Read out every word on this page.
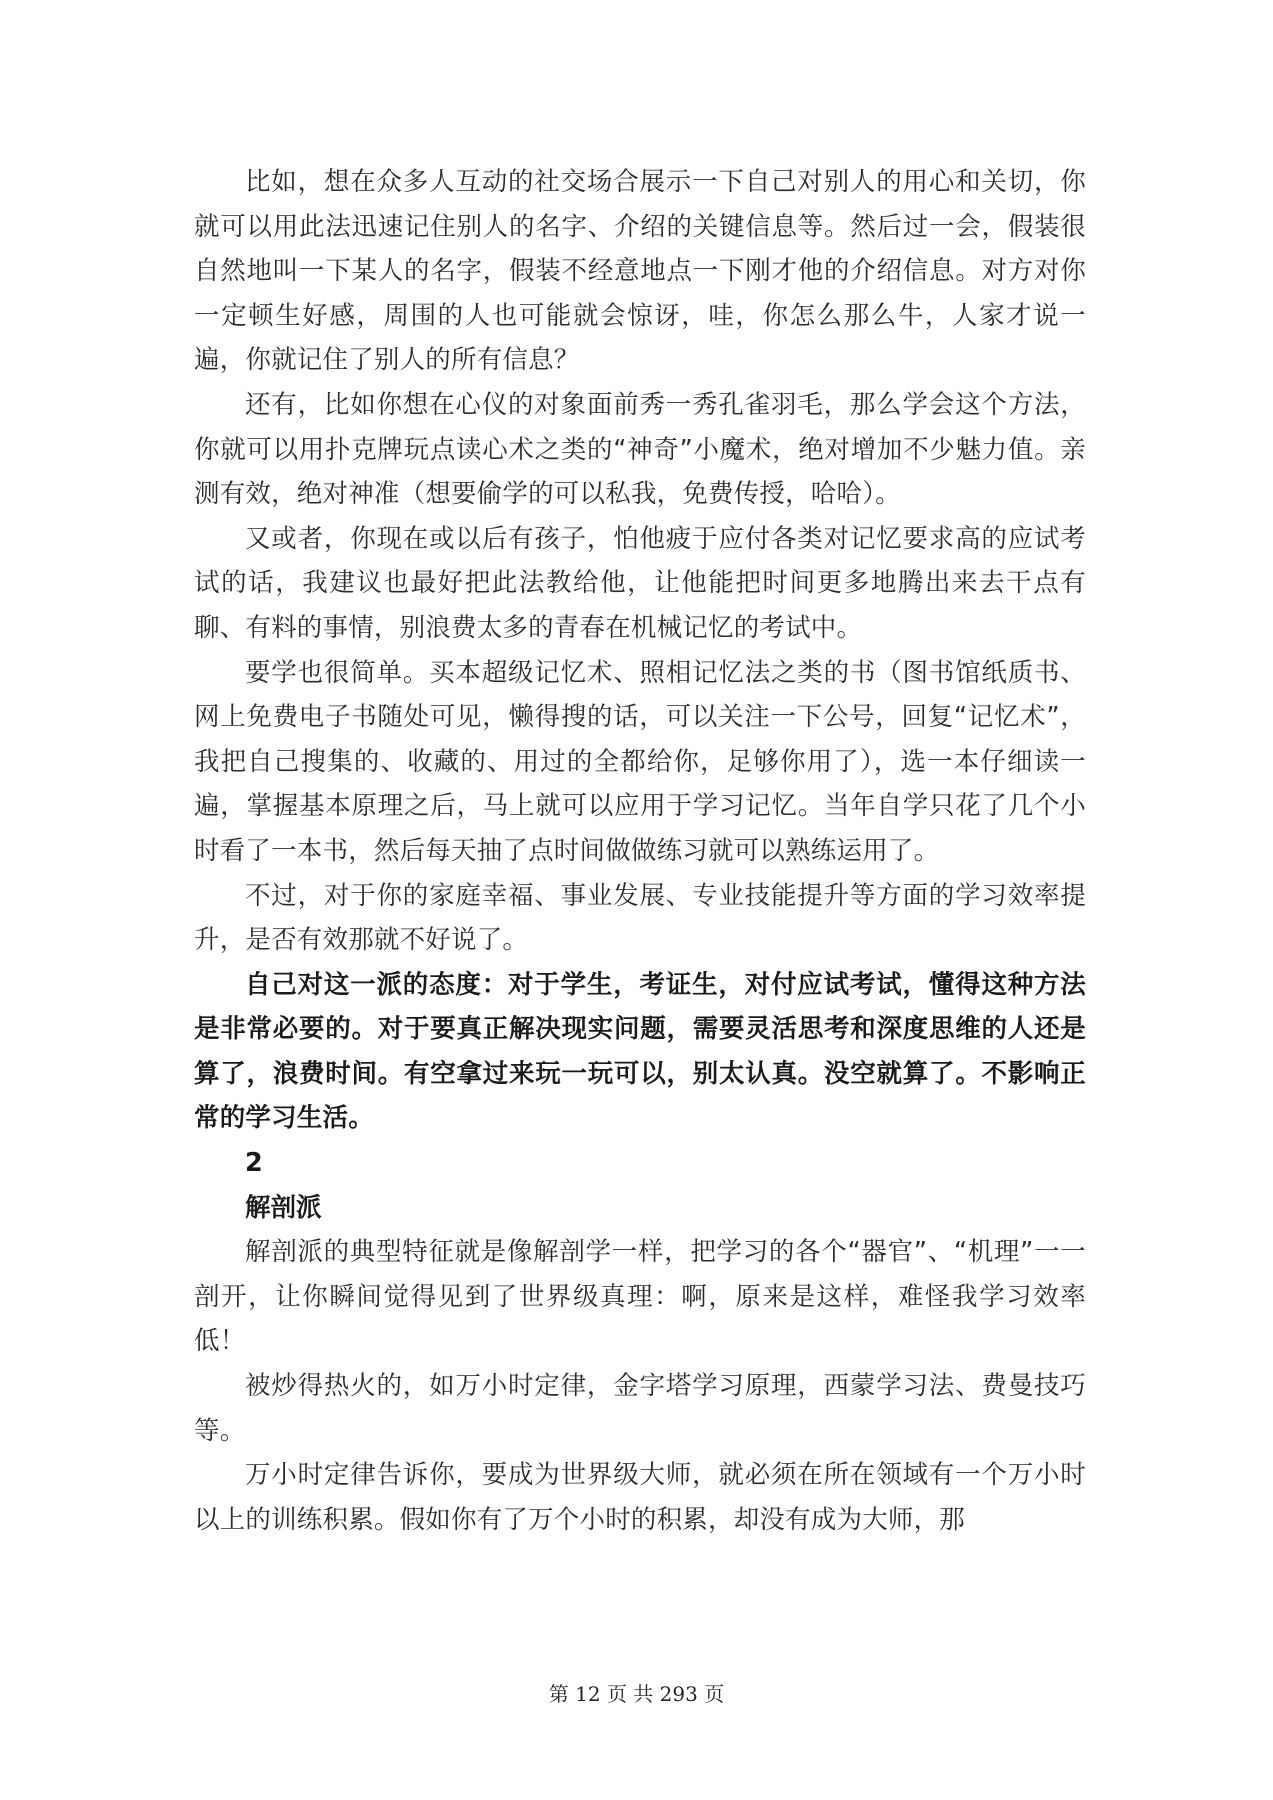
比如，想在众多人互动的社交场合展示一下自己对别人的用心和关切，你就可以用此法迅速记住别人的名字、介绍的关键信息等。然后过一会，假装很自然地叫一下某人的名字，假装不经意地点一下刚才他的介绍信息。对方对你一定顿生好感，周围的人也可能就会惊讶，哇，你怎么那么牛，人家才说一遍，你就记住了别人的所有信息？

还有，比如你想在心仪的对象面前秀一秀孔雀羽毛，那么学会这个方法，你就可以用扑克牌玩点读心术之类的“神奇”小魔术，绝对增加不少魅力值。亲测有效，绝对神准（想要偷学的可以私我，免费传授，哈哈）。

又或者，你现在或以后有孩子，怕他疲于应付各类对记忆要求高的应试考试的话，我建议也最好把此法教给他，让他能把时间更多地腾出来去干点有聊、有料的事情，别浪费太多的青春在机械记忆的考试中。

要学也很简单。买本超级记忆术、照相记忆法之类的书（图书馆纸质书、网上免费电子书随处可见，懒得搜的话，可以关注一下公号，回复“记忆术”，我把自己搜集的、收藏的、用过的全都给你，足够你用了），选一本仔细读一遍，掌握基本原理之后，马上就可以应用于学习记忆。当年自学只花了几个小时看了一本书，然后每天抽了点时间做做练习就可以熟练运用了。

不过，对于你的家庭幸福、事业发展、专业技能提升等方面的学习效率提升，是否有效那就不好说了。

自己对这一派的态度：对于学生，考证生，对付应试考试，懂得这种方法是非常必要的。对于要真正解决现实问题，需要灵活思考和深度思维的人还是算了，浪费时间。有空拿过来玩一玩可以，别太认真。没空就算了。不影响正常的学习生活。

2

解剖派

解剖派的典型特征就是像解剖学一样，把学习的各个“器官”、“机理”一一剖开，让你瞬间觉得见到了世界级真理：啊，原来是这样，难怪我学习效率低！

被炒得热火的，如万小时定律，金字塔学习原理，西蒙学习法、费曼技巧等。

万小时定律告诉你，要成为世界级大师，就必须在所在领域有一个万小时以上的训练积累。假如你有了万个小时的积累，却没有成为大师，那

第 12 页 共 293 页
